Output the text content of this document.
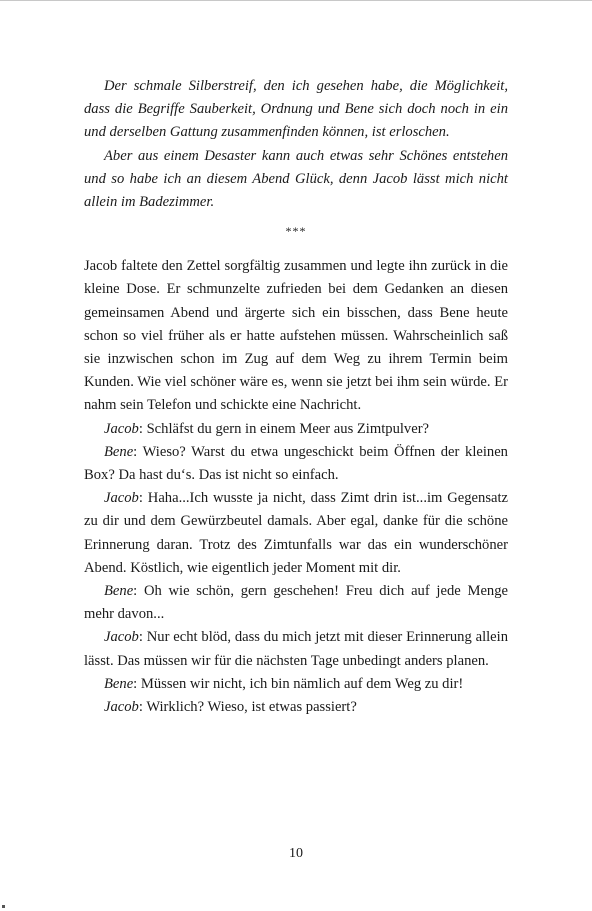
Der schmale Silberstreif, den ich gesehen habe, die Möglichkeit, dass die Begriffe Sauberkeit, Ordnung und Bene sich doch noch in ein und derselben Gattung zusammenfinden können, ist erloschen.

Aber aus einem Desaster kann auch etwas sehr Schönes entstehen und so habe ich an diesem Abend Glück, denn Jacob lässt mich nicht allein im Badezimmer.

***

Jacob faltete den Zettel sorgfältig zusammen und legte ihn zurück in die kleine Dose. Er schmunzelte zufrieden bei dem Gedanken an diesen gemeinsamen Abend und ärgerte sich ein bisschen, dass Bene heute schon so viel früher als er hatte aufstehen müssen. Wahrscheinlich saß sie inzwischen schon im Zug auf dem Weg zu ihrem Termin beim Kunden. Wie viel schöner wäre es, wenn sie jetzt bei ihm sein würde. Er nahm sein Telefon und schickte eine Nachricht.

Jacob: Schläfst du gern in einem Meer aus Zimtpulver?

Bene: Wieso? Warst du etwa ungeschickt beim Öffnen der kleinen Box? Da hast du‘s. Das ist nicht so einfach.

Jacob: Haha...Ich wusste ja nicht, dass Zimt drin ist...im Gegensatz zu dir und dem Gewürzbeutel damals. Aber egal, danke für die schöne Erinnerung daran. Trotz des Zimtunfalls war das ein wunderschöner Abend. Köstlich, wie eigentlich jeder Moment mit dir.

Bene: Oh wie schön, gern geschehen! Freu dich auf jede Menge mehr davon...

Jacob: Nur echt blöd, dass du mich jetzt mit dieser Erinnerung allein lässt. Das müssen wir für die nächsten Tage unbedingt anders planen.

Bene: Müssen wir nicht, ich bin nämlich auf dem Weg zu dir!

Jacob: Wirklich? Wieso, ist etwas passiert?

10
